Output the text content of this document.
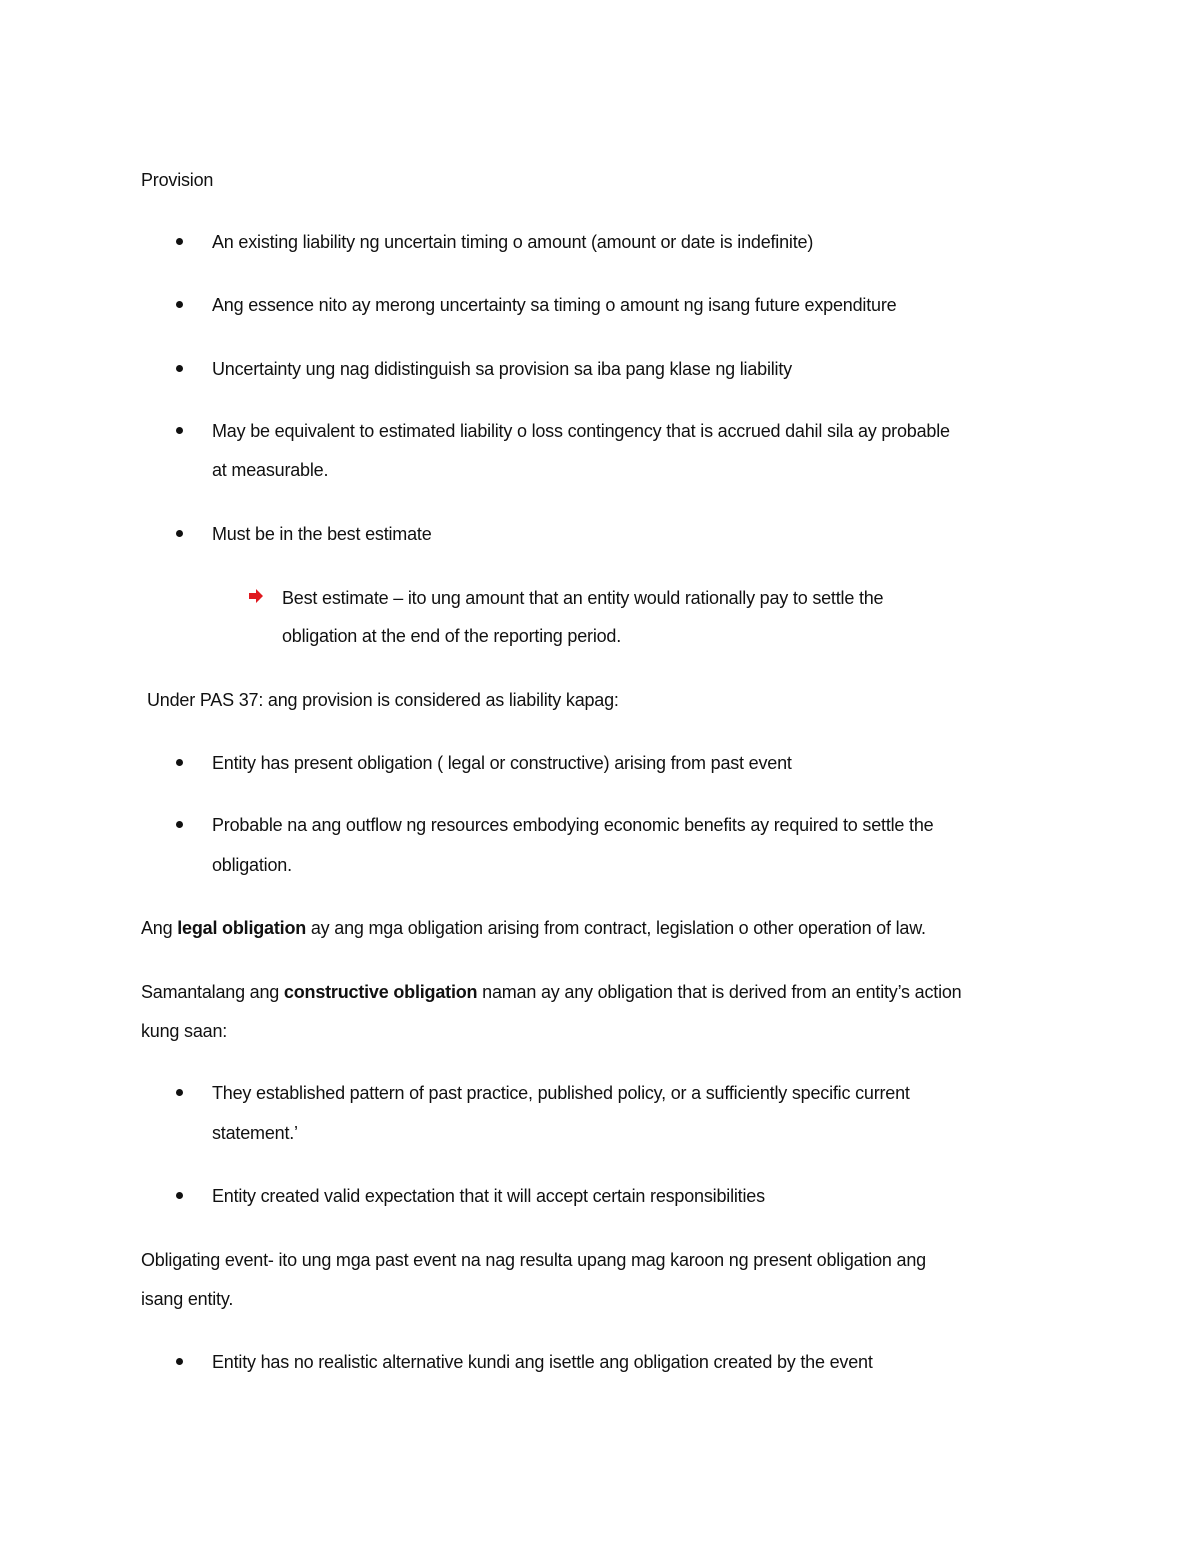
Provision
An existing liability ng uncertain timing o amount (amount or date is indefinite)
Ang essence nito ay merong uncertainty sa timing o amount ng isang future expenditure
Uncertainty ung nag didistinguish sa provision sa iba pang klase ng liability
May be equivalent to estimated liability o loss contingency that is accrued dahil sila ay probable
at measurable.
Must be in the best estimate
Best estimate – ito ung amount that an entity would rationally pay to settle the
obligation at the end of the reporting period.
Under PAS 37: ang provision is considered as liability kapag:
Entity has present obligation ( legal or constructive) arising from past event
Probable na ang outflow ng resources embodying economic benefits ay required to settle the
obligation.
Ang legal obligation ay ang mga obligation arising from contract, legislation o other operation of law.
Samantalang ang constructive obligation naman ay any obligation that is derived from an entity’s action
kung saan:
They established pattern of past practice, published policy, or a sufficiently specific current
statement.’
Entity created valid expectation that it will accept certain responsibilities
Obligating event- ito ung mga past event na nag resulta upang mag karoon ng present obligation ang
isang entity.
Entity has no realistic alternative kundi ang isettle ang obligation created by the event
